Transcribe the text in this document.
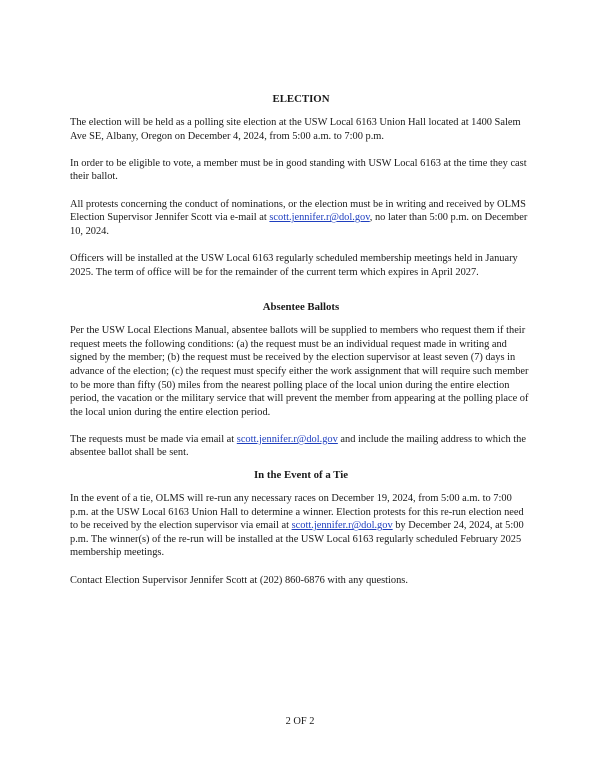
ELECTION

The election will be held as a polling site election at the USW Local 6163 Union Hall located at 1400 Salem Ave SE, Albany, Oregon on December 4, 2024, from 5:00 a.m. to 7:00 p.m.

In order to be eligible to vote, a member must be in good standing with USW Local 6163 at the time they cast their ballot.

All protests concerning the conduct of nominations, or the election must be in writing and received by OLMS Election Supervisor Jennifer Scott via e-mail at scott.jennifer.r@dol.gov, no later than 5:00 p.m. on December 10, 2024.

Officers will be installed at the USW Local 6163 regularly scheduled membership meetings held in January 2025. The term of office will be for the remainder of the current term which expires in April 2027.

Absentee Ballots

Per the USW Local Elections Manual, absentee ballots will be supplied to members who request them if their request meets the following conditions: (a) the request must be an individual request made in writing and signed by the member; (b) the request must be received by the election supervisor at least seven (7) days in advance of the election; (c) the request must specify either the work assignment that will require such member to be more than fifty (50) miles from the nearest polling place of the local union during the entire election period, the vacation or the military service that will prevent the member from appearing at the polling place of the local union during the entire election period.

The requests must be made via email at scott.jennifer.r@dol.gov and include the mailing address to which the absentee ballot shall be sent.

In the Event of a Tie

In the event of a tie, OLMS will re-run any necessary races on December 19, 2024, from 5:00 a.m. to 7:00 p.m. at the USW Local 6163 Union Hall to determine a winner. Election protests for this re-run election need to be received by the election supervisor via email at scott.jennifer.r@dol.gov by December 24, 2024, at 5:00 p.m. The winner(s) of the re-run will be installed at the USW Local 6163 regularly scheduled February 2025 membership meetings.

Contact Election Supervisor Jennifer Scott at (202) 860-6876 with any questions.

2 OF 2
